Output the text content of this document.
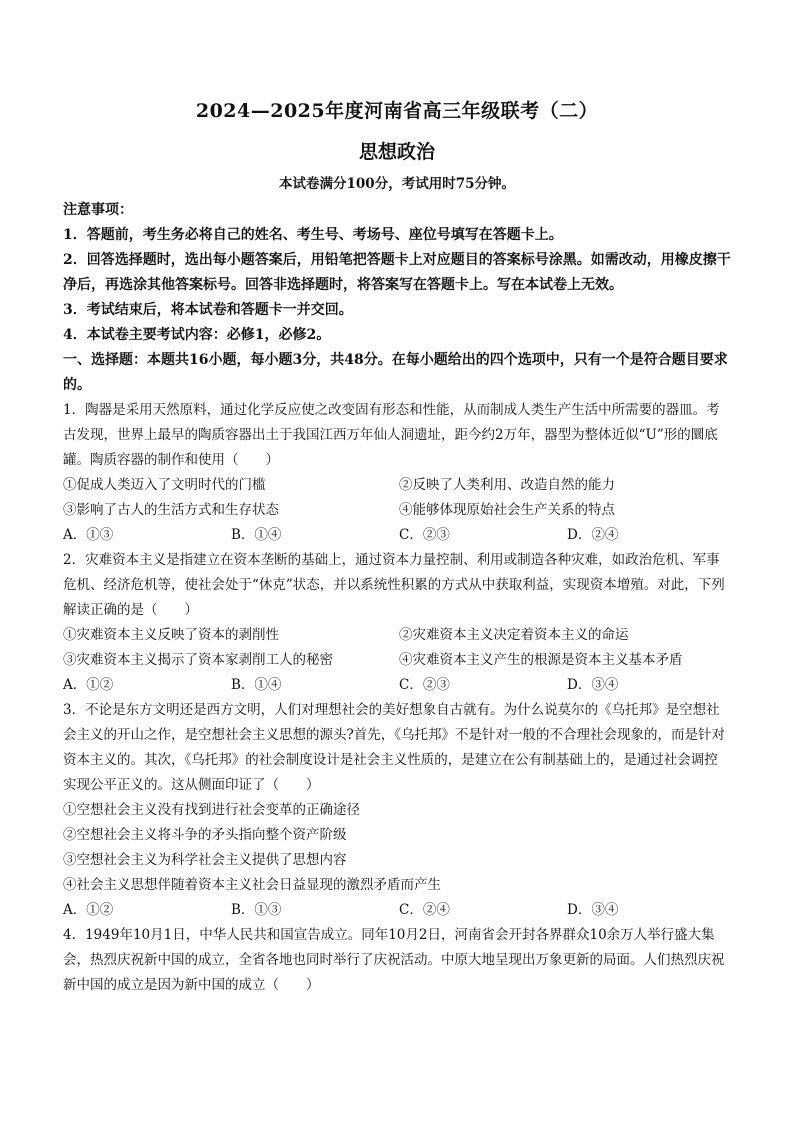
2024—2025年度河南省高三年级联考（二）
思想政治
本试卷满分100分，考试用时75分钟。
注意事项：
1．答题前，考生务必将自己的姓名、考生号、考场号、座位号填写在答题卡上。
2．回答选择题时，选出每小题答案后，用铅笔把答题卡上对应题目的答案标号涂黑。如需改动，用橡皮擦干净后，再选涂其他答案标号。回答非选择题时，将答案写在答题卡上。写在本试卷上无效。
3．考试结束后，将本试卷和答题卡一并交回。
4．本试卷主要考试内容：必修1，必修2。
一、选择题：本题共16小题，每小题3分，共48分。在每小题给出的四个选项中，只有一个是符合题目要求的。
1．陶器是采用天然原料，通过化学反应使之改变固有形态和性能，从而制成人类生产生活中所需要的器皿。考古发现，世界上最早的陶质容器出土于我国江西万年仙人洞遗址，距今约2万年，器型为整体近似“U”形的圜底罐。陶质容器的制作和使用（　　）
①促成人类迈入了文明时代的门槛	②反映了人类利用、改造自然的能力
③影响了古人的生活方式和生存状态	④能够体现原始社会生产关系的特点
A．①③	B．①④	C．②③	D．②④
2．灾难资本主义是指建立在资本垄断的基础上，通过资本力量控制、利用或制造各种灾难，如政治危机、军事危机、经济危机等，使社会处于“休克”状态，并以系统性积累的方式从中获取利益，实现资本增殖。对此，下列解读正确的是（　　）
①灾难资本主义反映了资本的剥削性	②灾难资本主义决定着资本主义的命运
③灾难资本主义揭示了资本家剥削工人的秘密	④灾难资本主义产生的根源是资本主义基本矛盾
A．①②	B．①④	C．②③	D．③④
3．不论是东方文明还是西方文明，人们对理想社会的美好想象自古就有。为什么说莫尔的《乌托邦》是空想社会主义的开山之作，是空想社会主义思想的源头?首先，《乌托邦》不是针对一般的不合理社会现象的，而是针对资本主义的。其次，《乌托邦》的社会制度设计是社会主义性质的，是建立在公有制基础上的，是通过社会调控实现公平正义的。这从侧面印证了（　　）
①空想社会主义没有找到进行社会变革的正确途径
②空想社会主义将斗争的矛头指向整个资产阶级
③空想社会主义为科学社会主义提供了思想内容
④社会主义思想伴随着资本主义社会日益显现的激烈矛盾而产生
A．①②	B．①③	C．②④	D．③④
4．1949年10月1日，中华人民共和国宣告成立。同年10月2日，河南省会开封各界群众10余万人举行盛大集会，热烈庆祝新中国的成立，全省各地也同时举行了庆祝活动。中原大地呈现出万象更新的局面。人们热烈庆祝新中国的成立是因为新中国的成立（　　）
